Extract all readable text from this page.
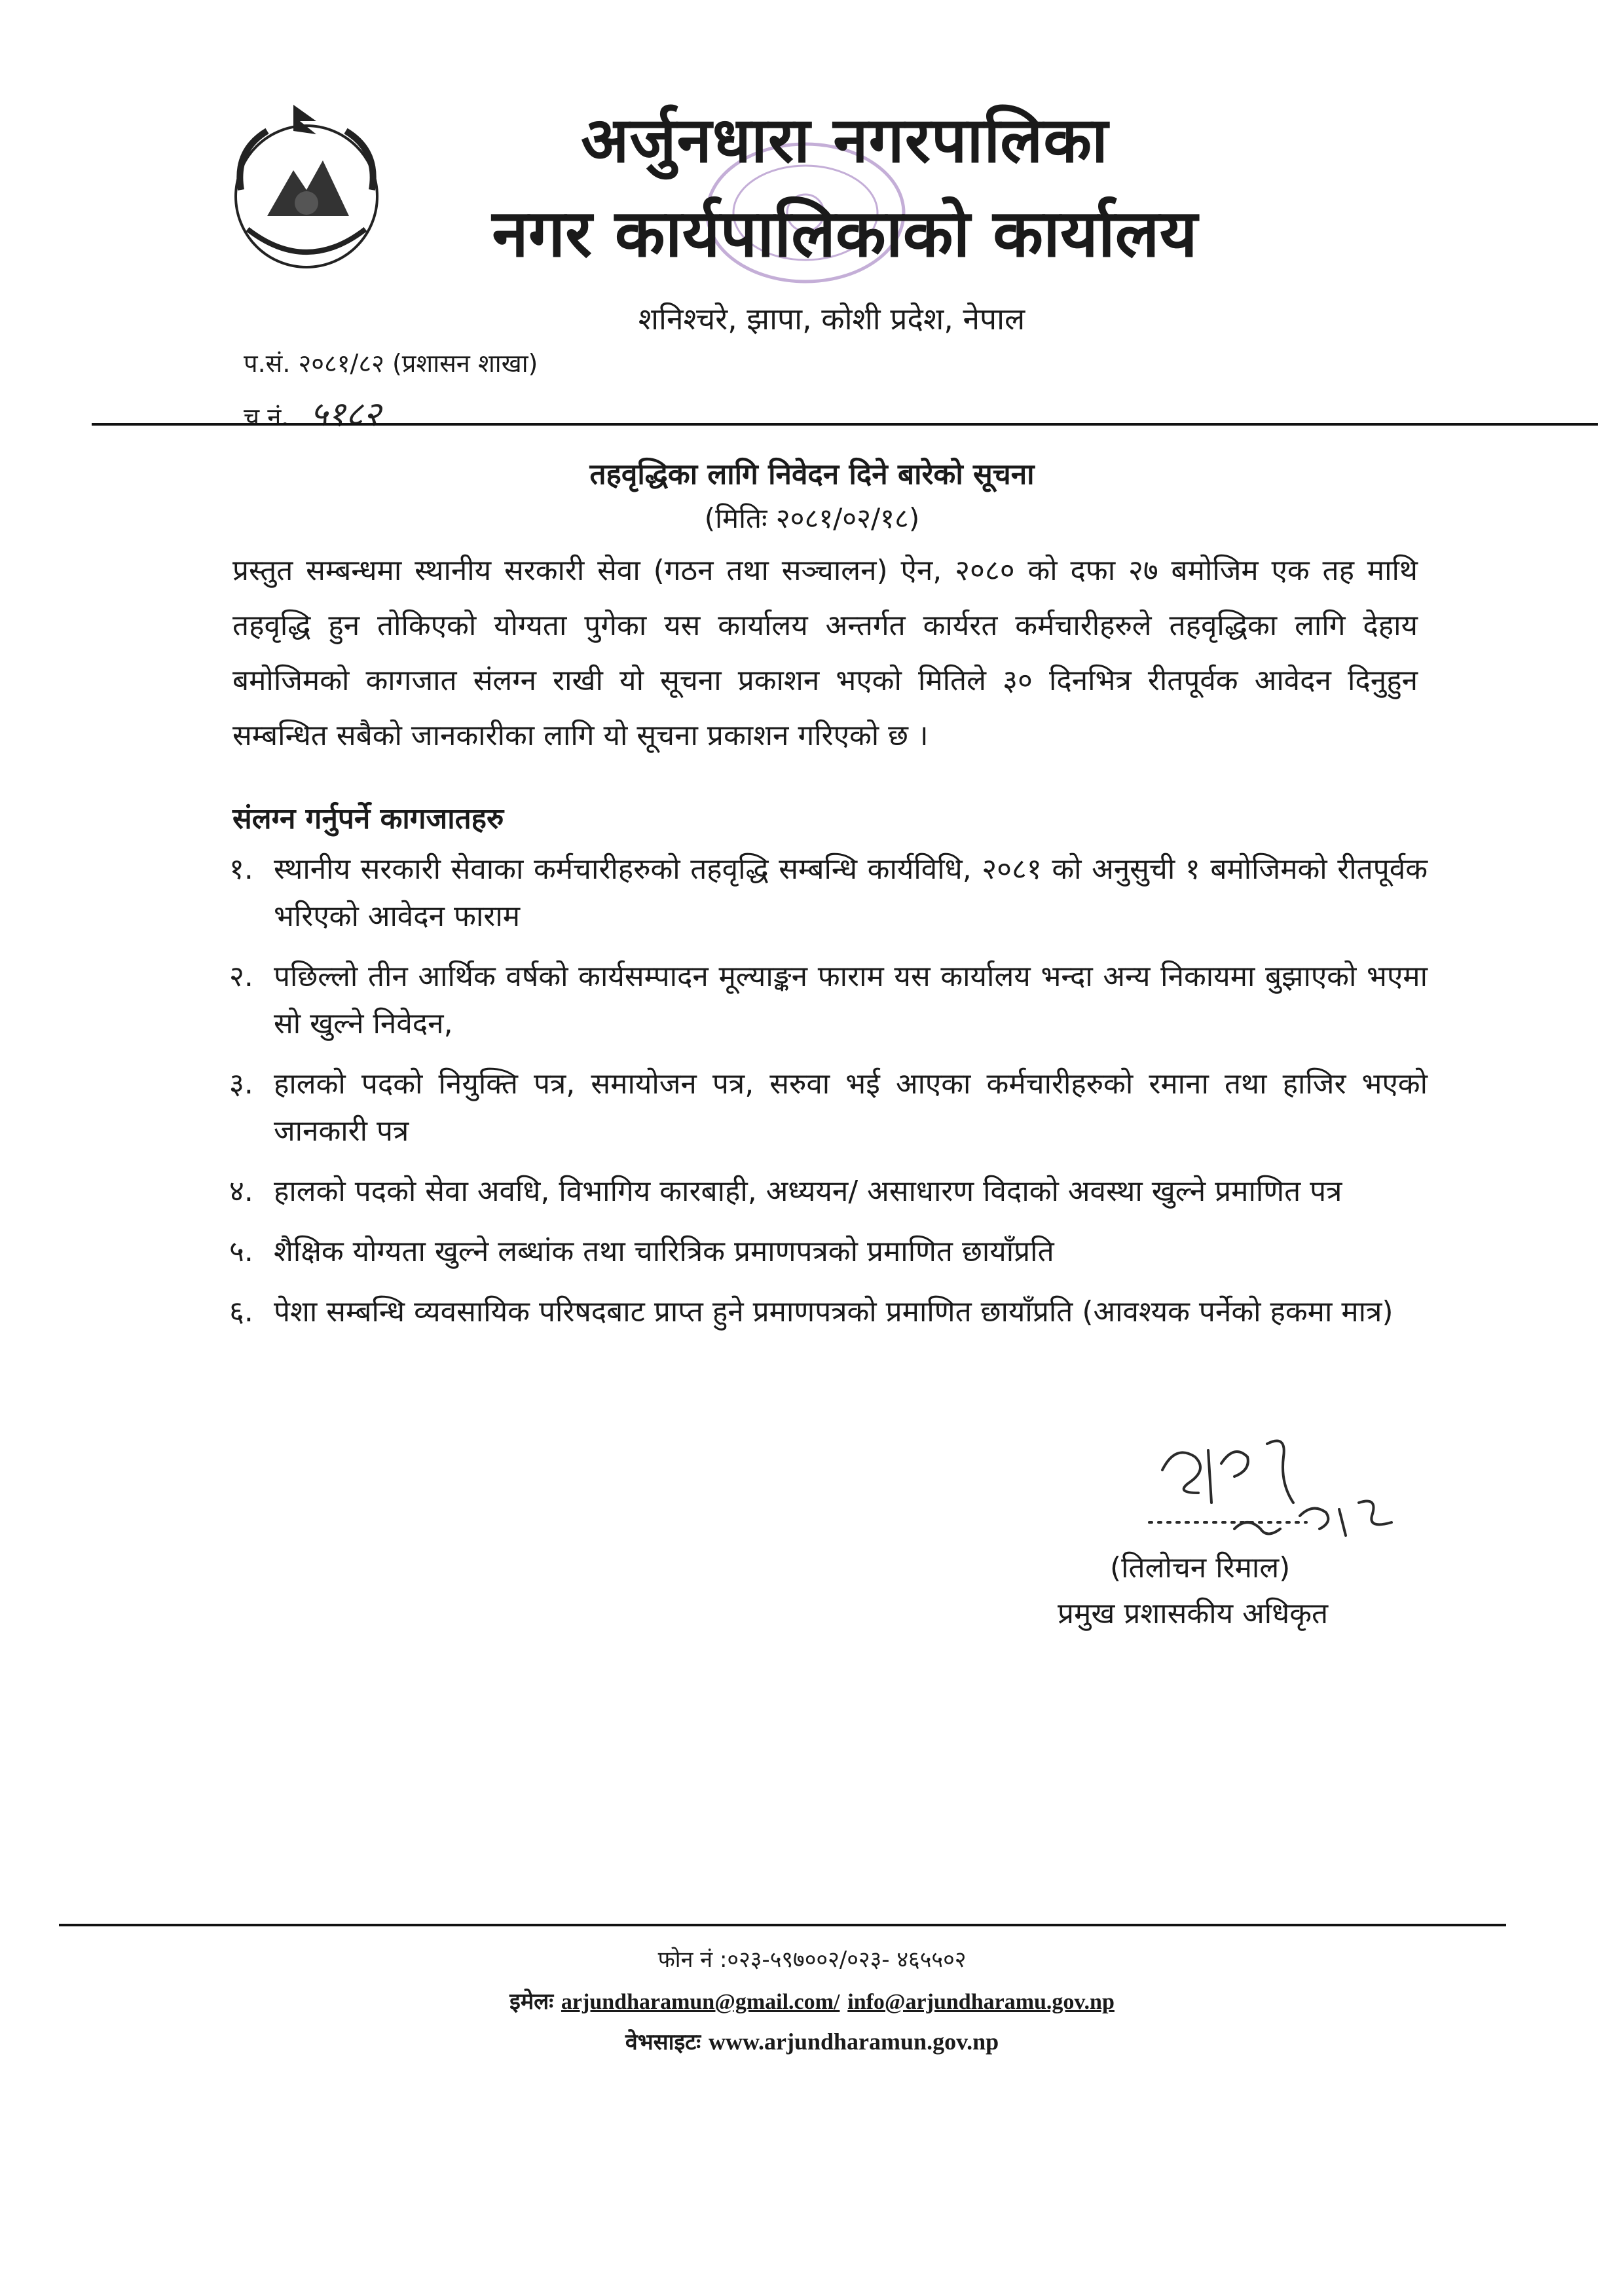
अर्जुनधारा नगरपालिका
नगर कार्यपालिकाको कार्यालय
शनिश्चरे, झापा, कोशी प्रदेश, नेपाल
प.सं. २०८१/८२ (प्रशासन शाखा)
च नं. ५१८२
तहवृद्धिका लागि निवेदन दिने बारेको सूचना
(मितिः २०८१/०२/१८)
प्रस्तुत सम्बन्धमा स्थानीय सरकारी सेवा (गठन तथा सञ्चालन) ऐन, २०८० को दफा २७ बमोजिम एक तह माथि तहवृद्धि हुन तोकिएको योग्यता पुगेका यस कार्यालय अन्तर्गत कार्यरत कर्मचारीहरुले तहवृद्धिका लागि देहाय बमोजिमको कागजात संलग्न राखी यो सूचना प्रकाशन भएको मितिले ३० दिनभित्र रीतपूर्वक आवेदन दिनुहुन सम्बन्धित सबैको जानकारीका लागि यो सूचना प्रकाशन गरिएको छ ।
संलग्न गर्नुपर्ने कागजातहरु
१. स्थानीय सरकारी सेवाका कर्मचारीहरुको तहवृद्धि सम्बन्धि कार्यविधि, २०८१ को अनुसुची १ बमोजिमको रीतपूर्वक भरिएको आवेदन फाराम
२. पछिल्लो तीन आर्थिक वर्षको कार्यसम्पादन मूल्याङ्कन फाराम यस कार्यालय भन्दा अन्य निकायमा बुझाएको भएमा सो खुल्ने निवेदन,
३. हालको पदको नियुक्ति पत्र, समायोजन पत्र, सरुवा भई आएका कर्मचारीहरुको रमाना तथा हाजिर भएको जानकारी पत्र
४. हालको पदको सेवा अवधि, विभागिय कारबाही, अध्ययन/ असाधारण विदाको अवस्था खुल्ने प्रमाणित पत्र
५. शैक्षिक योग्यता खुल्ने लब्धांक तथा चारित्रिक प्रमाणपत्रको प्रमाणित छायाँप्रति
६. पेशा सम्बन्धि व्यवसायिक परिषदबाट प्राप्त हुने प्रमाणपत्रको प्रमाणित छायाँप्रति (आवश्यक पर्नेको हकमा मात्र)
(तिलोचन रिमाल)
प्रमुख प्रशासकीय अधिकृत
फोन नं :०२३-५९७००२/०२३- ४६५५०२
इमेलः arjundharamun@gmail.com/ info@arjundharamu.gov.np
वेभसाइटः www.arjundharamun.gov.np
